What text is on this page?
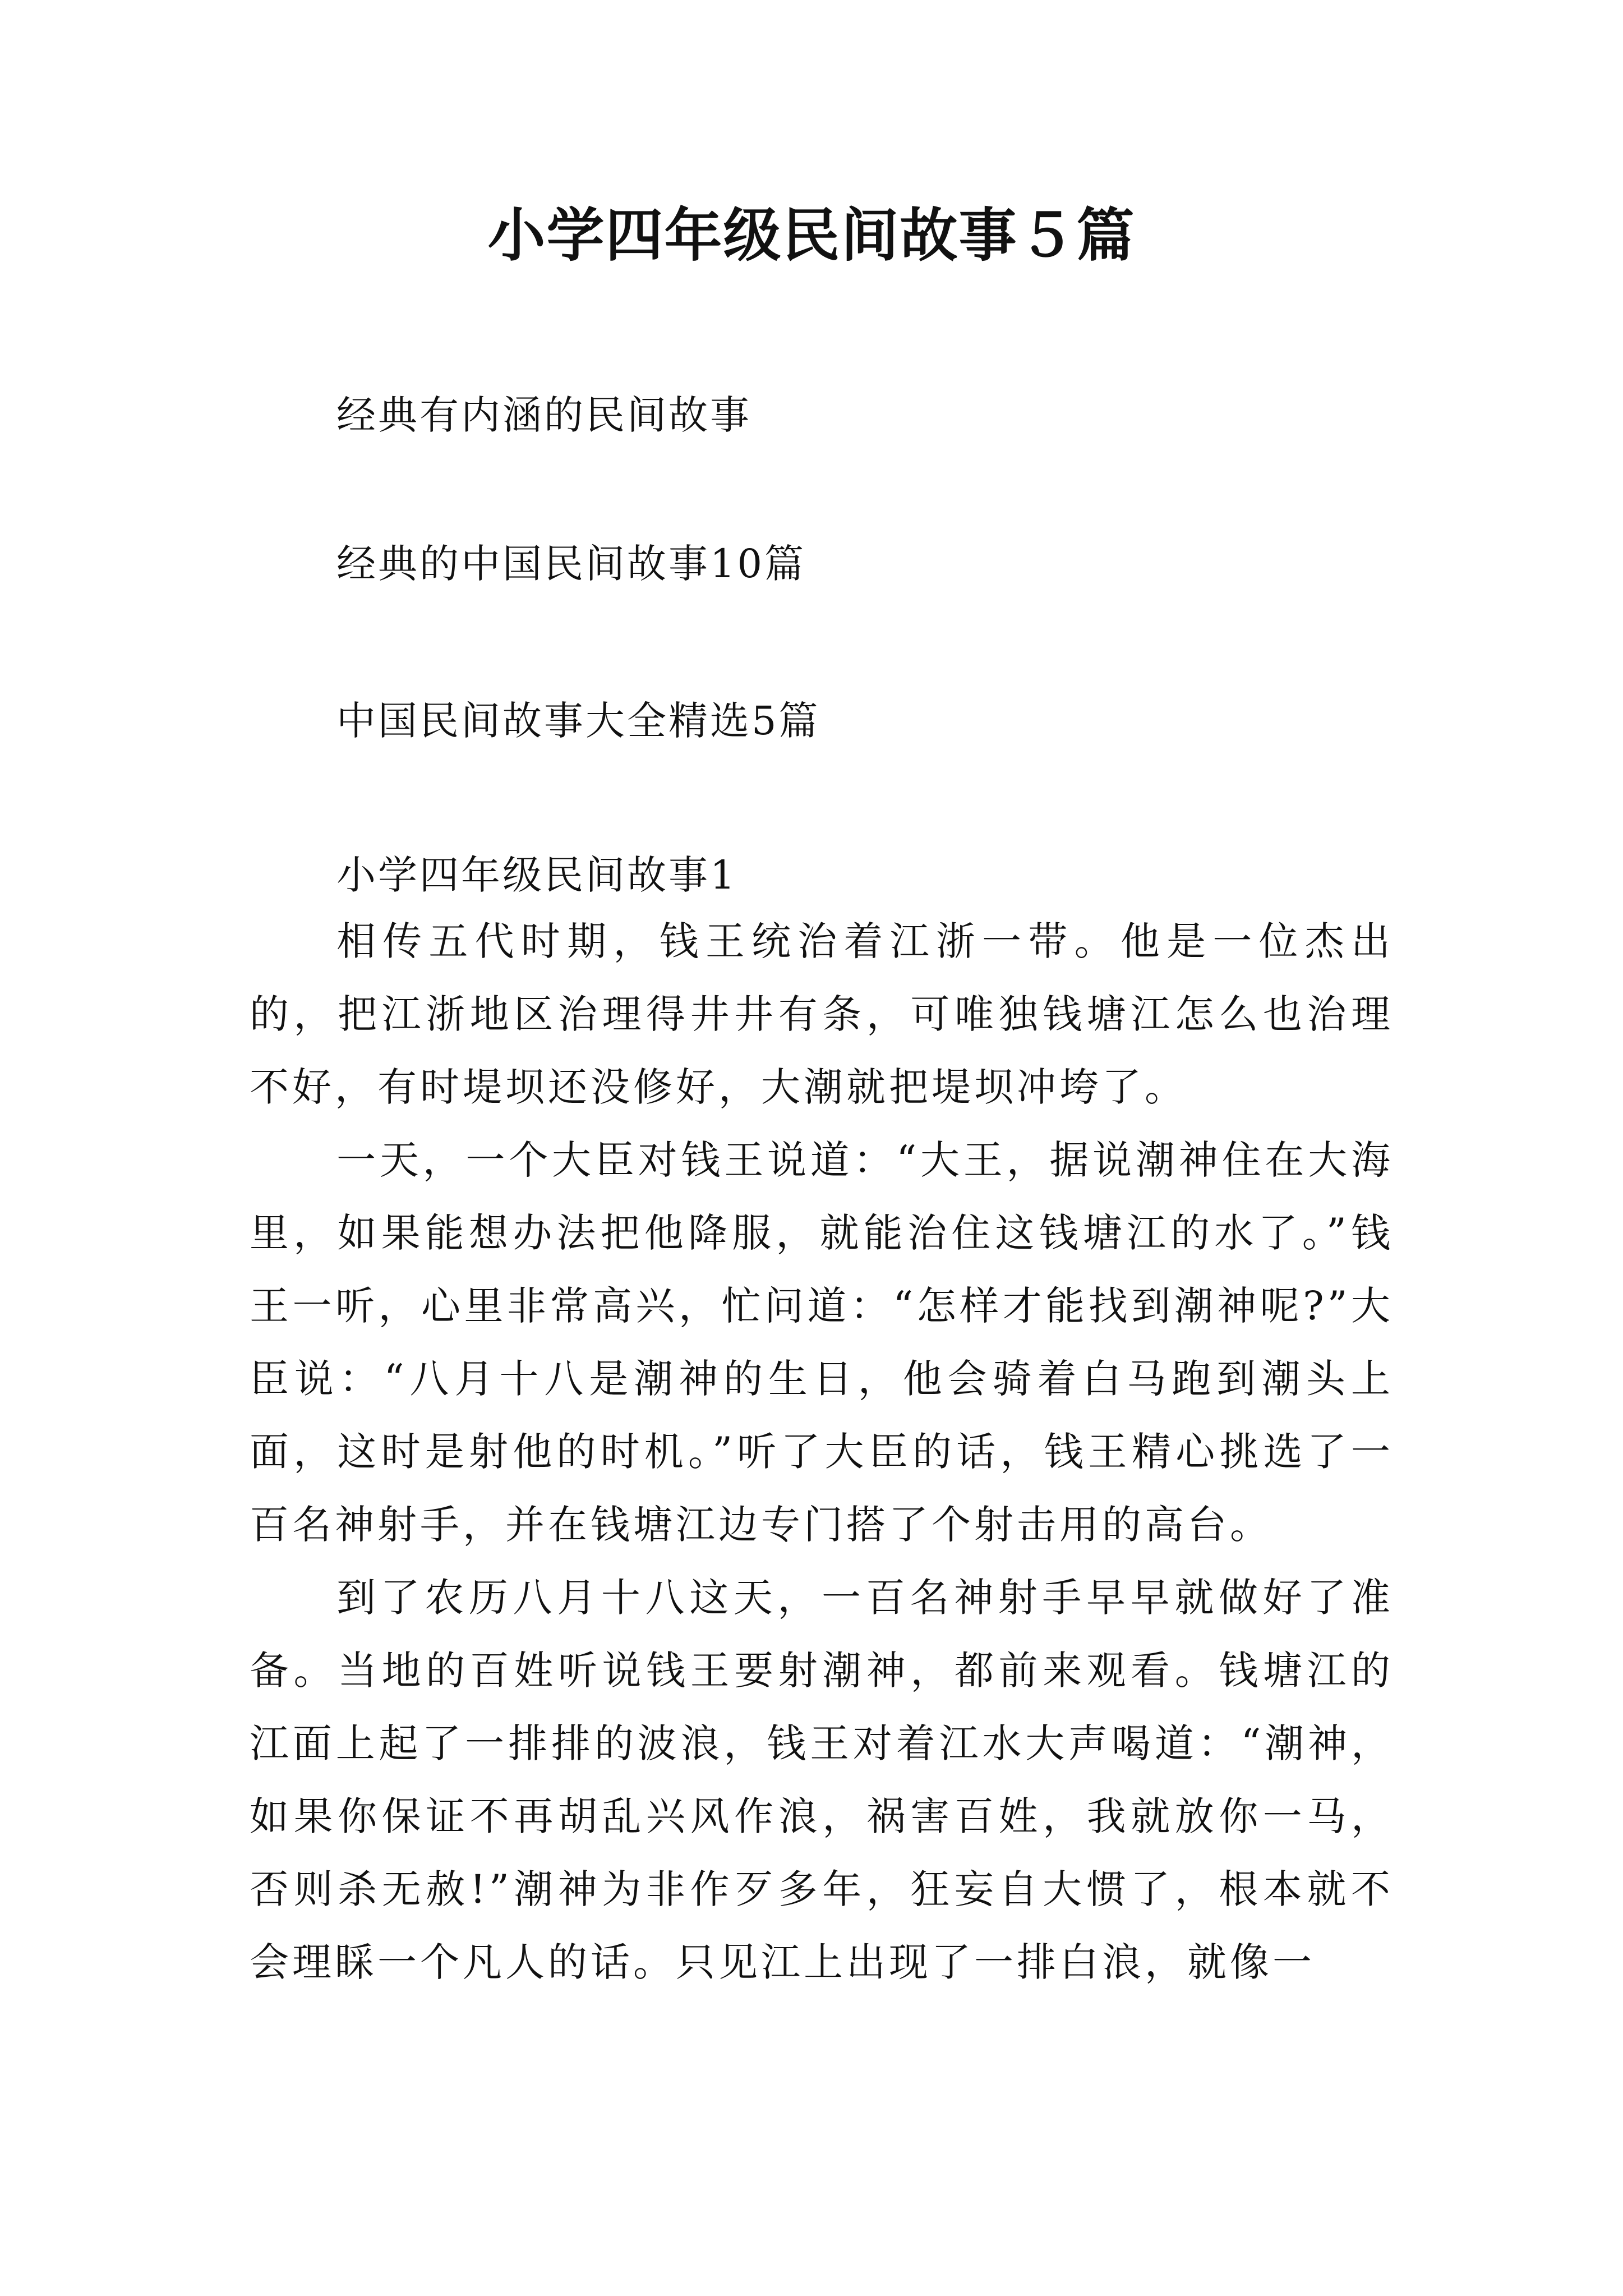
小学四年级民间故事５篇
经典有内涵的民间故事
经典的中国民间故事10篇
中国民间故事大全精选5篇
小学四年级民间故事1

相传五代时期，钱王统治着江浙一带。他是一位杰出的，把江浙地区治理得井井有条，可唯独钱塘江怎么也治理不好，有时堤坝还没修好，大潮就把堤坝冲垮了。

一天，一个大臣对钱王说道：“大王，据说潮神住在大海里，如果能想办法把他降服，就能治住这钱塘江的水了。”钱王一听，心里非常高兴，忙问道：“怎样才能找到潮神呢?”大臣说：“八月十八是潮神的生日，他会骑着白马跑到潮头上面，这时是射他的时机。”听了大臣的话，钱王精心挑选了一百名神射手，并在钱塘江边专门搭了个射击用的高台。

到了农历八月十八这天，一百名神射手早早就做好了准备。当地的百姓听说钱王要射潮神，都前来观看。钱塘江的江面上起了一排排的波浪，钱王对着江水大声喝道：“潮神，如果你保证不再胡乱兴风作浪，祸害百姓，我就放你一马，否则杀无赦!”潮神为非作歹多年，狂妄自大惯了，根本就不会理睬一个凡人的话。只见江上出现了一排白浪，就像一
